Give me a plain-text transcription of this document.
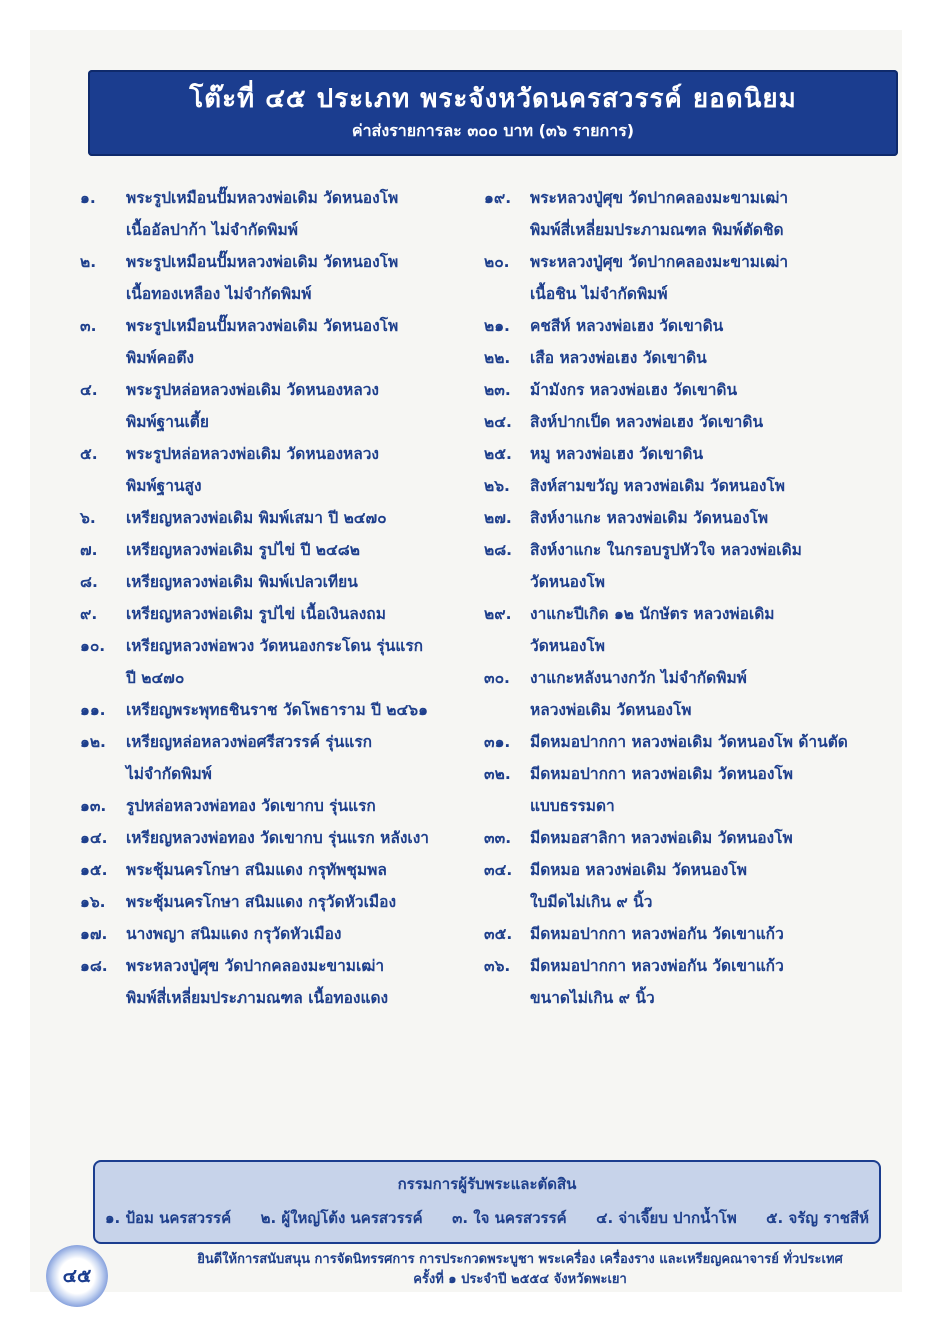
โต๊ะที่ ๔๕ ประเภท พระจังหวัดนครสวรรค์ ยอดนิยม
ค่าส่งรายการละ ๓๐๐ บาท (๓๖ รายการ)
๑.	พระรูปเหมือนปั๊มหลวงพ่อเดิม วัดหนองโพ
เนื้ออัลปาก้า ไม่จำกัดพิมพ์
๒.	พระรูปเหมือนปั๊มหลวงพ่อเดิม วัดหนองโพ
เนื้อทองเหลือง ไม่จำกัดพิมพ์
๓.	พระรูปเหมือนปั๊มหลวงพ่อเดิม วัดหนองโพ
พิมพ์คอตึง
๔.	พระรูปหล่อหลวงพ่อเดิม วัดหนองหลวง
พิมพ์ฐานเตี้ย
๕.	พระรูปหล่อหลวงพ่อเดิม วัดหนองหลวง
พิมพ์ฐานสูง
๖.	เหรียญหลวงพ่อเดิม พิมพ์เสมา ปี ๒๔๗๐
๗.	เหรียญหลวงพ่อเดิม รูปไข่ ปี ๒๔๘๒
๘.	เหรียญหลวงพ่อเดิม พิมพ์เปลวเทียน
๙.	เหรียญหลวงพ่อเดิม รูปไข่ เนื้อเงินลงถม
๑๐.	เหรียญหลวงพ่อพวง วัดหนองกระโดน รุ่นแรก
ปี ๒๔๗๐
๑๑.	เหรียญพระพุทธชินราช วัดโพธาราม ปี ๒๔๖๑
๑๒.	เหรียญหล่อหลวงพ่อศรีสวรรค์ รุ่นแรก
ไม่จำกัดพิมพ์
๑๓.	รูปหล่อหลวงพ่อทอง วัดเขากบ รุ่นแรก
๑๔.	เหรียญหลวงพ่อทอง วัดเขากบ รุ่นแรก หลังเงา
๑๕.	พระชุ้มนครโกษา สนิมแดง กรุทัพชุมพล
๑๖.	พระชุ้มนครโกษา สนิมแดง กรุวัดหัวเมือง
๑๗.	นางพญา สนิมแดง กรุวัดหัวเมือง
๑๘.	พระหลวงปู่ศุข วัดปากคลองมะขามเฒ่า
พิมพ์สี่เหลี่ยมประภามณฑล เนื้อทองแดง
๑๙.	พระหลวงปู่ศุข วัดปากคลองมะขามเฒ่า
พิมพ์สี่เหลี่ยมประภามณฑล พิมพ์ตัดชิด
๒๐.	พระหลวงปู่ศุข วัดปากคลองมะขามเฒ่า
เนื้อชิน ไม่จำกัดพิมพ์
๒๑.	คชสีห์ หลวงพ่อเฮง วัดเขาดิน
๒๒.	เสือ หลวงพ่อเฮง วัดเขาดิน
๒๓.	ม้ามังกร หลวงพ่อเฮง วัดเขาดิน
๒๔.	สิงห์ปากเป็ด หลวงพ่อเฮง วัดเขาดิน
๒๕.	หมู หลวงพ่อเฮง วัดเขาดิน
๒๖.	สิงห์สามขวัญ หลวงพ่อเดิม วัดหนองโพ
๒๗.	สิงห์งาแกะ หลวงพ่อเดิม วัดหนองโพ
๒๘.	สิงห์งาแกะ ในกรอบรูปหัวใจ หลวงพ่อเดิม
วัดหนองโพ
๒๙.	งาแกะปีเกิด ๑๒ นักษัตร หลวงพ่อเดิม
วัดหนองโพ
๓๐.	งาแกะหลังนางกวัก ไม่จำกัดพิมพ์
หลวงพ่อเดิม วัดหนองโพ
๓๑.	มีดหมอปากกา หลวงพ่อเดิม วัดหนองโพ ด้านตัด
๓๒.	มีดหมอปากกา หลวงพ่อเดิม วัดหนองโพ
แบบธรรมดา
๓๓.	มีดหมอสาลิกา หลวงพ่อเดิม วัดหนองโพ
๓๔.	มีดหมอ หลวงพ่อเดิม วัดหนองโพ
ใบมีดไม่เกิน ๙ นิ้ว
๓๕.	มีดหมอปากกา หลวงพ่อกัน วัดเขาแก้ว
๓๖.	มีดหมอปากกา หลวงพ่อกัน วัดเขาแก้ว
ขนาดไม่เกิน ๙ นิ้ว
กรรมการผู้รับพระและตัดสิน
๑. ป้อม นครสวรรค์ ๒. ผู้ใหญ่โต้ง นครสวรรค์ ๓. ใจ นครสวรรค์ ๔. จ่าเจี๊ยบ ปากน้ำโพ ๕. จรัญ ราชสีห์
ยินดีให้การสนับสนุน การจัดนิทรรศการ การประกวดพระบูชา พระเครื่อง เครื่องราง และเหรียญคณาจารย์ ทั่วประเทศ
ครั้งที่ ๑ ประจำปี ๒๕๕๔ จังหวัดพะเยา
๔๕
